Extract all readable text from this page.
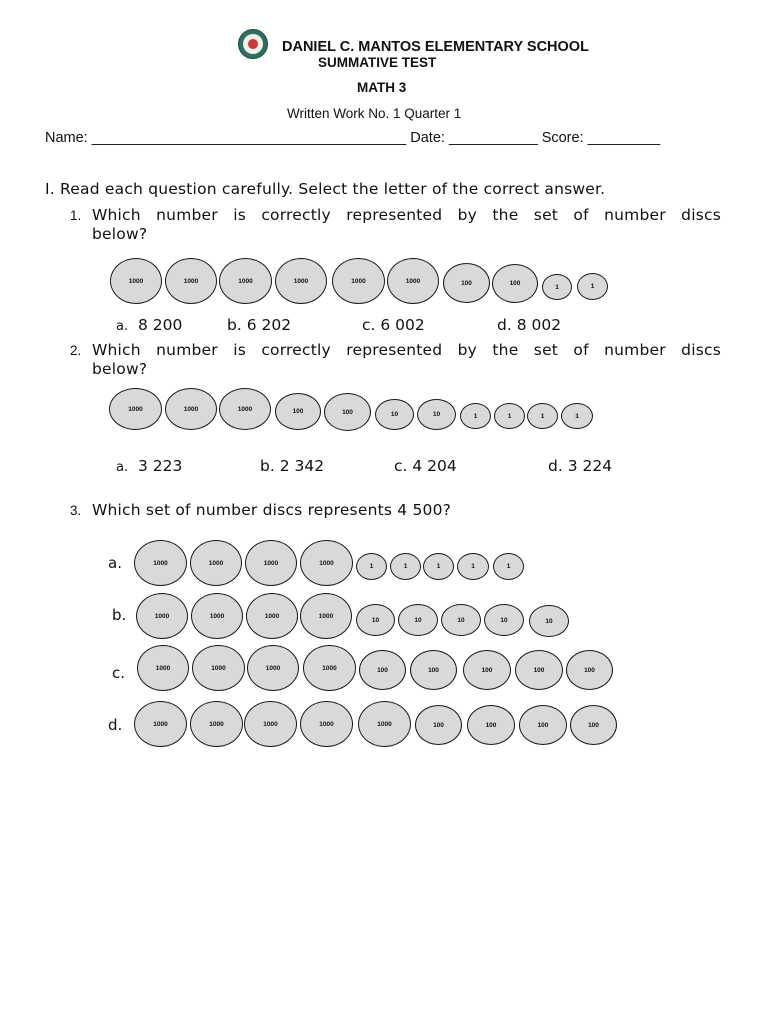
DANIEL C. MANTOS ELEMENTARY SCHOOL
SUMMATIVE TEST
MATH 3
Written Work No. 1 Quarter 1
Name: _______________________________________ Date: ___________ Score: _________
I. Read each question carefully. Select the letter of the correct answer.
1. Which number is correctly represented by the set of number discs
below?
1000	1000	1000	1000	1000	1000	100	100	1	1
a. 8 200	b. 6 202	c. 6 002	d. 8 002
2. Which number is correctly represented by the set of number discs
below?
1000	1000	1000	100	100	10	10	1	1	1	1
a. 3 223	b. 2 342	c. 4 204	d. 3 224
3. Which set of number discs represents 4 500?
a.
b.
c.
d.
1000	1000	1000	1000	1	1	1	1	1
1000	1000	1000	1000
10	10	10	10	10
1000	1000	1000	1000	100	100	100	100	100
1000	1000	1000	1000	1000	100	100	100	100
